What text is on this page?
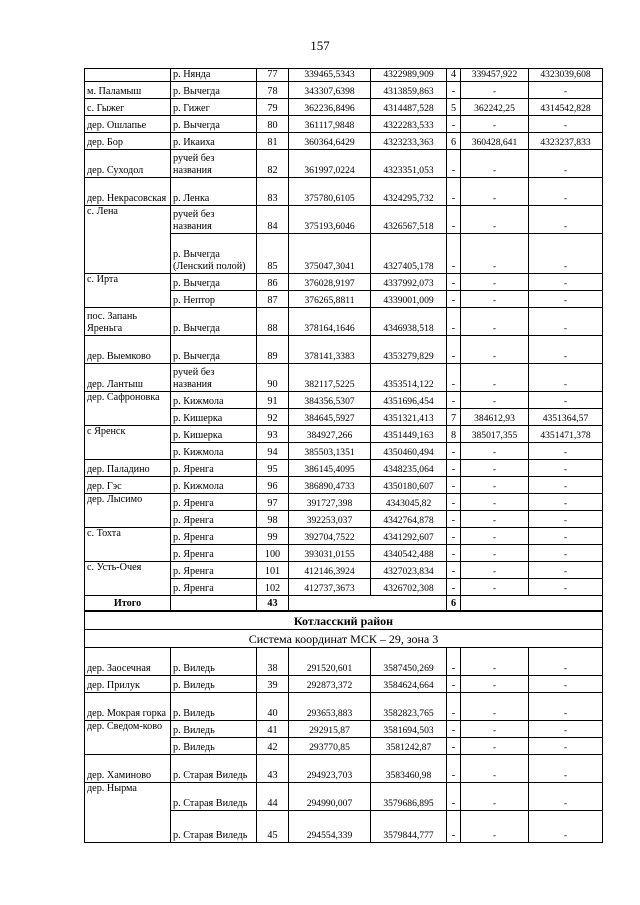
157
	р. Няндa	77	339465,5343	4322989,909	4	339457,922	4323039,608
м. Паламыш	р. Вычегда	78	343307,6398	4313859,863	-	-	-
с. Гыжег	р. Гижег	79	362236,8496	4314487,528	5	362242,25	4314542,828
дер. Ошлапье	р. Вычегда	80	361117,9848	4322283,533	-	-	-
дер. Бор	р. Икаиха	81	360364,6429	4323233,363	6	360428,641	4323237,833
дер. Суходол	ручей без названия	82	361997,0224	4323351,053	-	-	-
дер. Некрасовская	р. Ленка	83	375780,6105	4324295,732	-	-	-
с. Лена	ручей без названия	84	375193,6046	4326567,518	-	-	-
	р. Вычегда (Ленский полой)	85	375047,3041	4327405,178	-	-	-
с. Ирта	р. Вычегда	86	376028,9197	4337992,073	-	-	-
	р. Нептор	87	376265,8811	4339001,009	-	-	-
пос. Запань Яреньга	р. Вычегда	88	378164,1646	4346938,518	-	-	-
дер. Выемково	р. Вычегда	89	378141,3383	4353279,829	-	-	-
дер. Лантыш	ручей без названия	90	382117,5225	4353514,122	-	-	-
дер. Сафроновка	р. Кижмола	91	384356,5307	4351696,454	-	-	-
	р. Кишерка	92	384645,5927	4351321,413	7	384612,93	4351364,57
с Яренск	р. Кишерка	93	384927,266	4351449,163	8	385017,355	4351471,378
	р. Кижмола	94	385503,1351	4350460,494	-	-	-
дер. Паладино	р. Яренга	95	386145,4095	4348235,064	-	-	-
дер. Гэс	р. Кижмола	96	386890,4733	4350180,607	-	-	-
дер. Лысимо	р. Яренга	97	391727,398	4343045,82	-	-	-
	р. Яренга	98	392253,037	4342764,878	-	-	-
с. Тохта	р. Яренга	99	392704,7522	4341292,607	-	-	-
	р. Яренга	100	393031,0155	4340542,488	-	-	-
с. Усть-Очея	р. Яренга	101	412146,3924	4327023,834	-	-	-
	р. Яренга	102	412737,3673	4326702,308	-	-	-
Итого		43			6		
Котласский район							
Система координат МСК – 29, зона 3							
дер. Заосечная	р. Виледь	38	291520,601	3587450,269	-	-	-
дер. Прилук	р. Виледь	39	292873,372	3584624,664	-	-	-
дер. Мокрая горка	р. Виледь	40	293653,883	3582823,765	-	-	-
дер. Сведом-ково	р. Виледь	41	292915,87	3581694,503	-	-	-
	р. Виледь	42	293770,85	3581242,87	-	-	-
дер. Хаминово	р. Старая Виледь	43	294923,703	3583460,98	-	-	-
дер. Нырма	р. Старая Виледь	44	294990,007	3579686,895	-	-	-
	р. Старая Виледь	45	294554,339	3579844,777	-	-	-
